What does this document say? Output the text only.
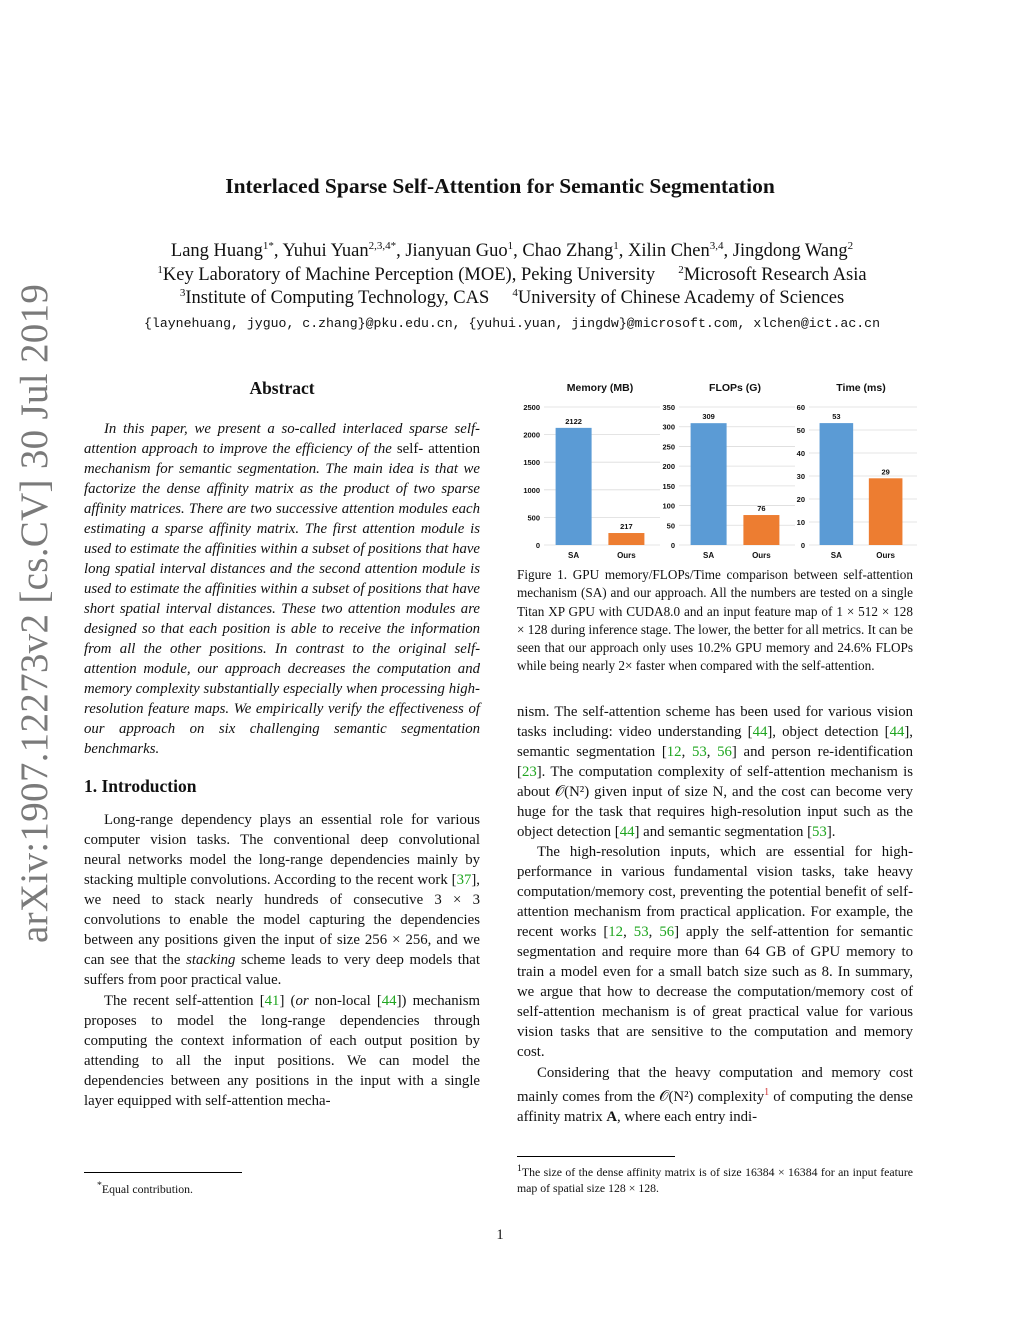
arXiv:1907.12273v2 [cs.CV] 30 Jul 2019
Interlaced Sparse Self-Attention for Semantic Segmentation
Lang Huang$^{1*}$, Yuhui Yuan$^{2,3,4*}$, Jianyuan Guo$^1$, Chao Zhang$^1$, Xilin Chen$^{3,4}$, Jingdong Wang$^2$
$^1$Key Laboratory of Machine Perception (MOE), Peking University $^2$Microsoft Research Asia
$^3$Institute of Computing Technology, CAS $^4$University of Chinese Academy of Sciences
{laynehuang, jyguo, c.zhang}@pku.edu.cn, {yuhui.yuan, jingdw}@microsoft.com, xlchen@ict.ac.cn
Abstract

In this paper, we present a so-called interlaced sparse self-attention approach to improve the efficiency of the self- attention mechanism for semantic segmentation. The main idea is that we factorize the dense affinity matrix as the product of two sparse affinity matrices. There are two successive attention modules each estimating a sparse affinity matrix. The first attention module is used to estimate the affinities within a subset of positions that have long spatial interval distances and the second attention module is used to estimate the affinities within a subset of positions that have short spatial interval distances. These two attention modules are designed so that each position is able to receive the information from all the other positions. In contrast to the original self-attention module, our approach decreases the computation and memory complexity substantially especially when processing high-resolution feature maps. We empirically verify the effectiveness of our approach on six challenging semantic segmentation benchmarks.

1. Introduction

Long-range dependency plays an essential role for various computer vision tasks. The conventional deep convolutional neural networks model the long-range dependencies mainly by stacking multiple convolutions. According to the recent work [37], we need to stack nearly hundreds of consecutive 3 × 3 convolutions to enable the model capturing the dependencies between any positions given the input of size 256 × 256, and we can see that the stacking scheme leads to very deep models that suffers from poor practical value.

The recent self-attention [41] (or non-local [44]) mechanism proposes to model the long-range dependencies through computing the context information of each output position by attending to all the input positions. We can model the dependencies between any positions in the input with a single layer equipped with self-attention mecha-

*Equal contribution.
Memory (MB)
0
500
1000
1500
2000
2500
2122
SA
217
Ours
FLOPs (G)
0
50
100
150
200
250
300
350
309
SA
76
Ours
Time (ms)
0
10
20
30
40
50
60
53
SA
29
Ours
Figure 1. GPU memory/FLOPs/Time comparison between self-attention mechanism (SA) and our approach. All the numbers are tested on a single Titan XP GPU with CUDA8.0 and an input feature map of 1 × 512 × 128 × 128 during inference stage. The lower, the better for all metrics. It can be seen that our approach only uses 10.2% GPU memory and 24.6% FLOPs while being nearly 2× faster when compared with the self-attention.

nism. The self-attention scheme has been used for various vision tasks including: video understanding [44], object detection [44], semantic segmentation [12, 53, 56] and person re-identification [23]. The computation complexity of self-attention mechanism is about 𝒪(N²) given input of size N, and the cost can become very huge for the task that requires high-resolution input such as the object detection [44] and semantic segmentation [53].

The high-resolution inputs, which are essential for high-performance in various fundamental vision tasks, take heavy computation/memory cost, preventing the potential benefit of self-attention mechanism from practical application. For example, the recent works [12, 53, 56] apply the self-attention for semantic segmentation and require more than 64 GB of GPU memory to train a model even for a small batch size such as 8. In summary, we argue that how to decrease the computation/memory cost of self-attention mechanism is of great practical value for various vision tasks that are sensitive to the computation and memory cost.

Considering that the heavy computation and memory cost mainly comes from the 𝒪(N²) complexity$^1$ of computing the dense affinity matrix A, where each entry indi-

$^1$The size of the dense affinity matrix is of size 16384 × 16384 for an input feature map of spatial size 128 × 128.
1
